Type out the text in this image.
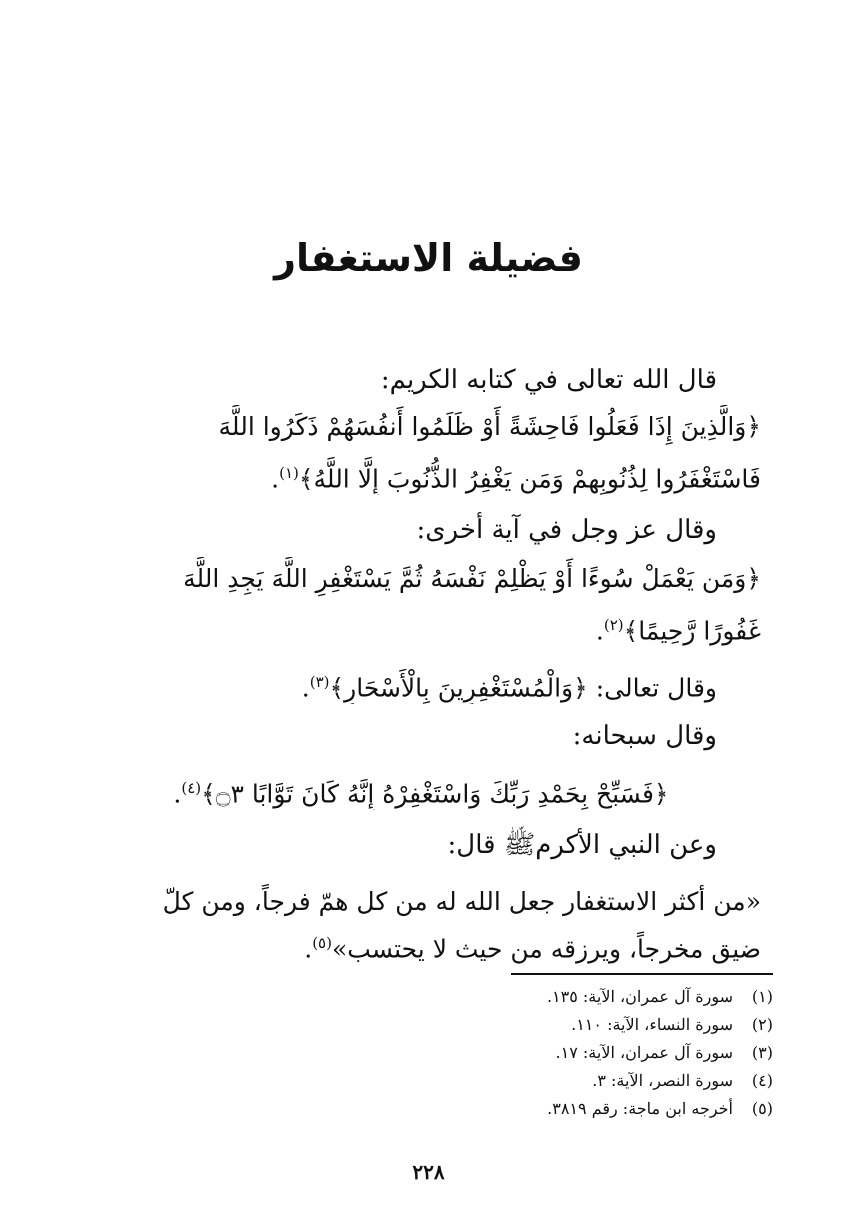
فضيلة الاستغفار
قال الله تعالى في كتابه الكريم:
﴿وَالَّذِينَ إِذَا فَعَلُوا فَاحِشَةً أَوْ ظَلَمُوا أَنفُسَهُمْ ذَكَرُوا اللَّهَ
فَاسْتَغْفَرُوا لِذُنُوبِهِمْ وَمَن يَغْفِرُ الذُّنُوبَ إِلَّا اللَّهُ﴾$^{(١)}$.
وقال عز وجل في آية أخرى:
﴿وَمَن يَعْمَلْ سُوءًا أَوْ يَظْلِمْ نَفْسَهُ ثُمَّ يَسْتَغْفِرِ اللَّهَ يَجِدِ اللَّهَ
غَفُورًا رَّحِيمًا﴾$^{(٢)}$.
وقال تعالى: ﴿وَالْمُسْتَغْفِرِينَ بِالْأَسْحَارِ﴾$^{(٣)}$.
وقال سبحانه:
﴿فَسَبِّحْ بِحَمْدِ رَبِّكَ وَاسْتَغْفِرْهُ إِنَّهُ كَانَ تَوَّابًا ۝٣﴾$^{(٤)}$.
وعن النبي الأكرمﷺ قال:
«من أكثر الاستغفار جعل الله له من كل همّ فرجاً، ومن كلّ
ضيق مخرجاً، ويرزقه من حيث لا يحتسب»$^{(٥)}$.
(١)سورة آل عمران، الآية: ١٣٥.
(٢)سورة النساء، الآية: ١١٠.
(٣)سورة آل عمران، الآية: ١٧.
(٤)سورة النصر، الآية: ٣.
(٥)أخرجه ابن ماجة: رقم ٣٨١٩.
٢٢٨
